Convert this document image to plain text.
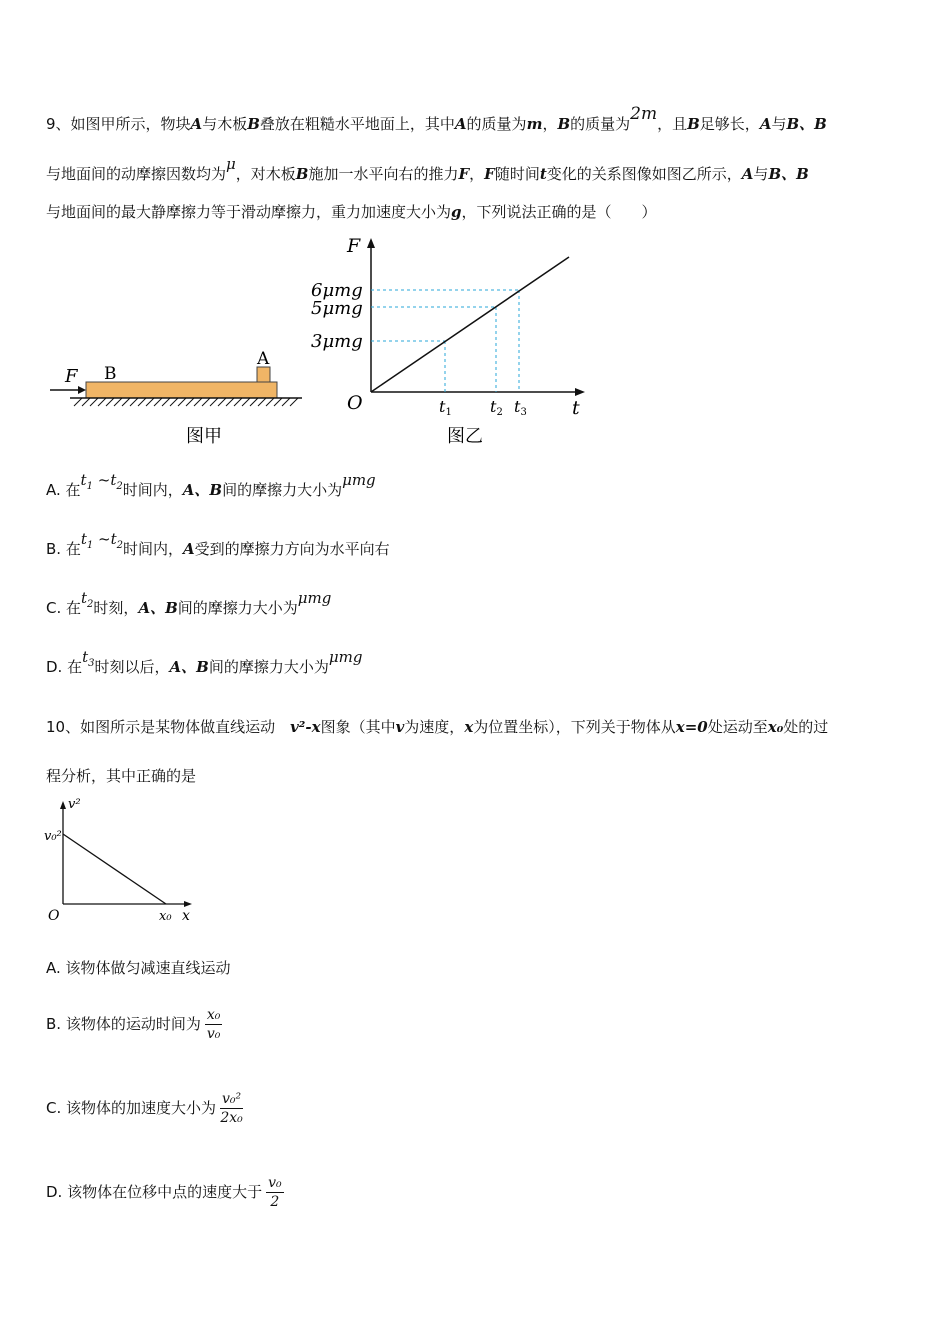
9、如图甲所示，物块A与木板B叠放在粗糙水平地面上，其中A的质量为m，B的质量为2m，且B足够长，A与B、B
与地面间的动摩擦因数均为μ，对木板B施加一水平向右的推力F，F随时间t变化的关系图像如图乙所示，A与B、B
与地面间的最大静摩擦力等于滑动摩擦力，重力加速度大小为g，下列说法正确的是（　　）
F B
A
图甲
F
t
O
6μmg
5μmg
3μmg
t1 t2 t3
图乙
A. 在$t_1$ $\sim t_2$时间内，A、B间的摩擦力大小为μmg
B. 在$t_1$ $\sim t_2$时间内，A受到的摩擦力方向为水平向右
C. 在$t_2$时刻，A、B间的摩擦力大小为μmg
D. 在$t_3$时刻以后，A、B间的摩擦力大小为μmg
10、如图所示是某物体做直线运动　v²-x图象（其中v为速度，x为位置坐标），下列关于物体从x=0处运动至x₀处的过
程分析，其中正确的是
v²
v₀²
O	x₀ x
A. 该物体做匀减速直线运动
B. 该物体的运动时间为 $\frac{\text{x₀}}{\text{v₀}}$
C. 该物体的加速度大小为 $\frac{\text{v₀²}}{\text{2x₀}}$
D. 该物体在位移中点的速度大于 $\frac{\text{v₀}}{2}$
